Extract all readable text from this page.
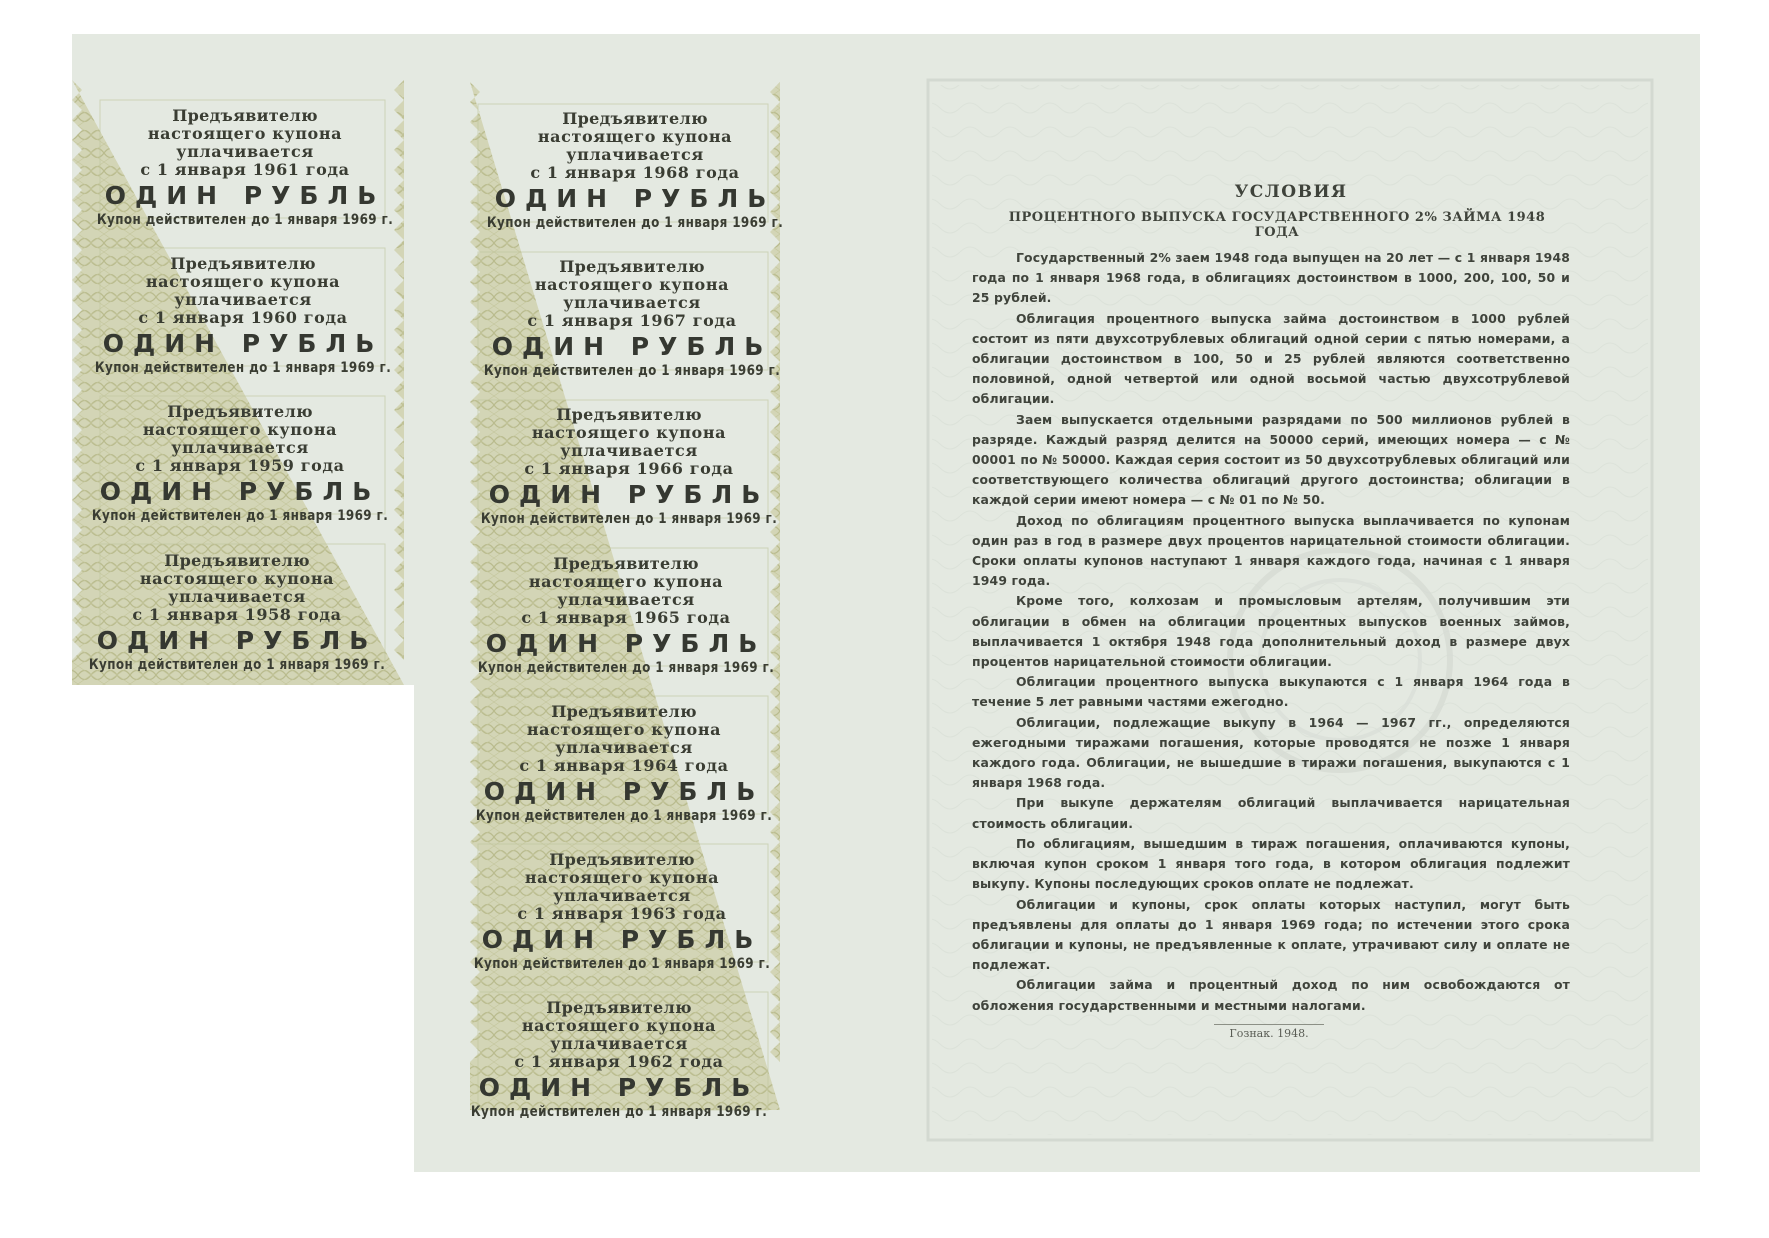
Предъявителю
настоящего купона уплачивается
с 1 января 1961 года
ОДИН РУБЛЬ
Купон действителен до 1 января 1969 г.
Предъявителю
настоящего купона уплачивается
с 1 января 1960 года
ОДИН РУБЛЬ
Купон действителен до 1 января 1969 г.
Предъявителю
настоящего купона уплачивается
с 1 января 1959 года
ОДИН РУБЛЬ
Купон действителен до 1 января 1969 г.
Предъявителю
настоящего купона уплачивается
с 1 января 1958 года
ОДИН РУБЛЬ
Купон действителен до 1 января 1969 г.
Предъявителю
настоящего купона уплачивается
с 1 января 1968 года
ОДИН РУБЛЬ
Купон действителен до 1 января 1969 г.
Предъявителю
настоящего купона уплачивается
с 1 января 1967 года
ОДИН РУБЛЬ
Купон действителен до 1 января 1969 г.
Предъявителю
настоящего купона уплачивается
с 1 января 1966 года
ОДИН РУБЛЬ
Купон действителен до 1 января 1969 г.
Предъявителю
настоящего купона уплачивается
с 1 января 1965 года
ОДИН РУБЛЬ
Купон действителен до 1 января 1969 г.
Предъявителю
настоящего купона уплачивается
с 1 января 1964 года
ОДИН РУБЛЬ
Купон действителен до 1 января 1969 г.
Предъявителю
настоящего купона уплачивается
с 1 января 1963 года
ОДИН РУБЛЬ
Купон действителен до 1 января 1969 г.
Предъявителю
настоящего купона уплачивается
с 1 января 1962 года
ОДИН РУБЛЬ
Купон действителен до 1 января 1969 г.
УСЛОВИЯ
ПРОЦЕНТНОГО ВЫПУСКА ГОСУДАРСТВЕННОГО 2% ЗАЙМА 1948 ГОДА

Государственный 2% заем 1948 года выпущен на 20 лет — с 1 января 1948 года по 1 января 1968 года, в облигациях достоинством в 1000, 200, 100, 50 и 25 рублей.

Облигация процентного выпуска займа достоинством в 1000 рублей состоит из пяти двухсотрублевых облигаций одной серии с пятью номерами, а облигации достоинством в 100, 50 и 25 рублей являются соответственно половиной, одной четвертой или одной восьмой частью двухсотрублевой облигации.

Заем выпускается отдельными разрядами по 500 миллионов рублей в разряде. Каждый разряд делится на 50000 серий, имеющих номера — с № 00001 по № 50000. Каждая серия состоит из 50 двухсотрублевых облигаций или соответствующего количества облигаций другого достоинства; облигации в каждой серии имеют номера — с № 01 по № 50.

Доход по облигациям процентного выпуска выплачивается по купонам один раз в год в размере двух процентов нарицательной стоимости облигации. Сроки оплаты купонов наступают 1 января каждого года, начиная с 1 января 1949 года.

Кроме того, колхозам и промысловым артелям, получившим эти облигации в обмен на облигации процентных выпусков военных займов, выплачивается 1 октября 1948 года дополнительный доход в размере двух процентов нарицательной стоимости облигации.

Облигации процентного выпуска выкупаются с 1 января 1964 года в течение 5 лет равными частями ежегодно.

Облигации, подлежащие выкупу в 1964 — 1967 гг., определяются ежегодными тиражами погашения, которые проводятся не позже 1 января каждого года. Облигации, не вышедшие в тиражи погашения, выкупаются с 1 января 1968 года.

При выкупе держателям облигаций выплачивается нарицательная стоимость облигации.

По облигациям, вышедшим в тираж погашения, оплачиваются купоны, включая купон сроком 1 января того года, в котором облигация подлежит выкупу. Купоны последующих сроков оплате не подлежат.

Облигации и купоны, срок оплаты которых наступил, могут быть предъявлены для оплаты до 1 января 1969 года; по истечении этого срока облигации и купоны, не предъявленные к оплате, утрачивают силу и оплате не подлежат.

Облигации займа и процентный доход по ним освобождаются от обложения государственными и местными налогами.

Гознак. 1948.
